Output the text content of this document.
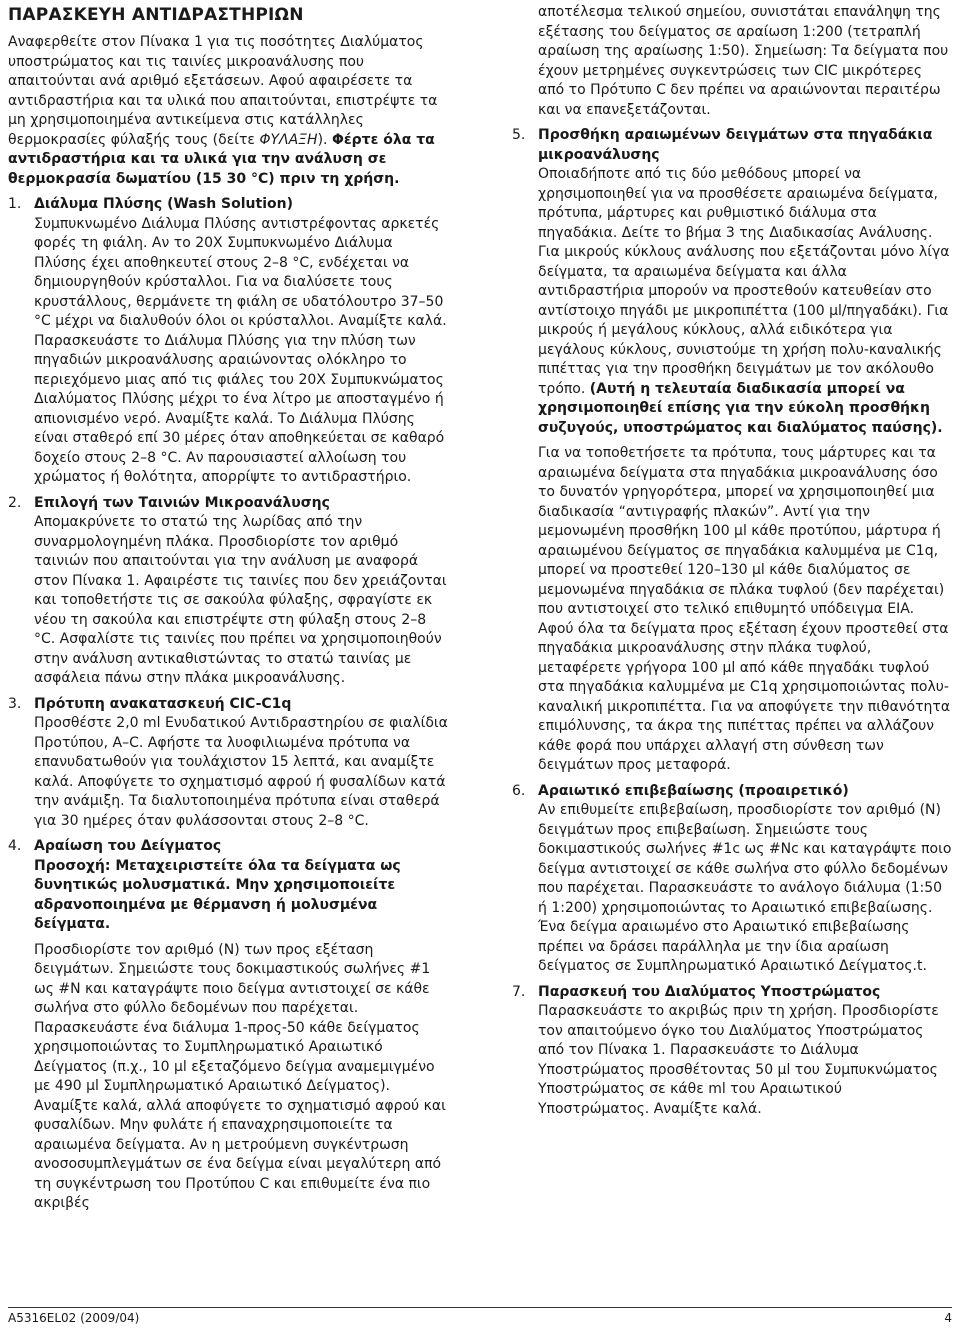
ΠΑΡΑΣΚΕΥΗ ΑΝΤΙΔΡΑΣΤΗΡΙΩΝ

Αναφερθείτε στον Πίνακα 1 για τις ποσότητες Διαλύματος υποστρώματος και τις ταινίες μικροανάλυσης που απαιτούνται ανά αριθμό εξετάσεων. Αφού αφαιρέσετε τα αντιδραστήρια και τα υλικά που απαιτούνται, επιστρέψτε τα μη χρησιμοποιημένα αντικείμενα στις κατάλληλες θερμοκρασίες φύλαξής τους (δείτε ΦΥΛΑΞΗ). Φέρτε όλα τα αντιδραστήρια και τα υλικά για την ανάλυση σε θερμοκρασία δωματίου (15 30 °C) πριν τη χρήση.

1. Διάλυμα Πλύσης (Wash Solution)

Συμπυκνωμένο Διάλυμα Πλύσης αντιστρέφοντας αρκετές φορές τη φιάλη. Αν το 20X Συμπυκνωμένο Διάλυμα Πλύσης έχει αποθηκευτεί στους 2–8 °C, ενδέχεται να δημιουργηθούν κρύσταλλοι. Για να διαλύσετε τους κρυστάλλους, θερμάνετε τη φιάλη σε υδατόλουτρο 37–50 °C μέχρι να διαλυθούν όλοι οι κρύσταλλοι. Αναμίξτε καλά. Παρασκευάστε το Διάλυμα Πλύσης για την πλύση των πηγαδιών μικροανάλυσης αραιώνοντας ολόκληρο το περιεχόμενο μιας από τις φιάλες του 20X Συμπυκνώματος Διαλύματος Πλύσης μέχρι το ένα λίτρο με αποσταγμένο ή απιονισμένο νερό. Αναμίξτε καλά. Το Διάλυμα Πλύσης είναι σταθερό επί 30 μέρες όταν αποθηκεύεται σε καθαρό δοχείο στους 2–8 °C. Αν παρουσιαστεί αλλοίωση του χρώματος ή θολότητα, απορρίψτε το αντιδραστήριο.

2. Επιλογή των Ταινιών Μικροανάλυσης

Απομακρύνετε το στατώ της λωρίδας από την συναρμολογημένη πλάκα. Προσδιορίστε τον αριθμό ταινιών που απαιτούνται για την ανάλυση με αναφορά στον Πίνακα 1. Αφαιρέστε τις ταινίες που δεν χρειάζονται και τοποθετήστε τις σε σακούλα φύλαξης, σφραγίστε εκ νέου τη σακούλα και επιστρέψτε στη φύλαξη στους 2–8 °C. Ασφαλίστε τις ταινίες που πρέπει να χρησιμοποιηθούν στην ανάλυση αντικαθιστώντας το στατώ ταινίας με ασφάλεια πάνω στην πλάκα μικροανάλυσης.

3. Πρότυπη ανακατασκευή CIC-C1q

Προσθέστε 2,0 ml Ενυδατικού Αντιδραστηρίου σε φιαλίδια Προτύπου, A–C. Αφήστε τα λυοφιλιωμένα πρότυπα να επανυδατωθούν για τουλάχιστον 15 λεπτά, και αναμίξτε καλά. Αποφύγετε το σχηματισμό αφρού ή φυσαλίδων κατά την ανάμιξη. Τα διαλυτοποιημένα πρότυπα είναι σταθερά για 30 ημέρες όταν φυλάσσονται στους 2–8 °C.

4. Αραίωση του Δείγματος

Προσοχή: Μεταχειριστείτε όλα τα δείγματα ως δυνητικώς μολυσματικά. Μην χρησιμοποιείτε αδρανοποιημένα με θέρμανση ή μολυσμένα δείγματα.

Προσδιορίστε τον αριθμό (N) των προς εξέταση δειγμάτων. Σημειώστε τους δοκιμαστικούς σωλήνες #1 ως #N και καταγράψτε ποιο δείγμα αντιστοιχεί σε κάθε σωλήνα στο φύλλο δεδομένων που παρέχεται. Παρασκευάστε ένα διάλυμα 1-προς-50 κάθε δείγματος χρησιμοποιώντας το Συμπληρωματικό Αραιωτικό Δείγματος (π.χ., 10 μl εξεταζόμενο δείγμα αναμεμιγμένο με 490 μl Συμπληρωματικό Αραιωτικό Δείγματος). Αναμίξτε καλά, αλλά αποφύγετε το σχηματισμό αφρού και φυσαλίδων. Μην φυλάτε ή επαναχρησιμοποιείτε τα αραιωμένα δείγματα. Αν η μετρούμενη συγκέντρωση ανοσοσυμπλεγμάτων σε ένα δείγμα είναι μεγαλύτερη από τη συγκέντρωση του Προτύπου C και επιθυμείτε ένα πιο ακριβές

αποτέλεσμα τελικού σημείου, συνιστάται επανάληψη της εξέτασης του δείγματος σε αραίωση 1:200 (τετραπλή αραίωση της αραίωσης 1:50). Σημείωση: Τα δείγματα που έχουν μετρημένες συγκεντρώσεις των CIC μικρότερες από το Πρότυπο C δεν πρέπει να αραιώνονται περαιτέρω και να επανεξετάζονται.

5. Προσθήκη αραιωμένων δειγμάτων στα πηγαδάκια μικροανάλυσης

Οποιαδήποτε από τις δύο μεθόδους μπορεί να χρησιμοποιηθεί για να προσθέσετε αραιωμένα δείγματα, πρότυπα, μάρτυρες και ρυθμιστικό διάλυμα στα πηγαδάκια. Δείτε το βήμα 3 της Διαδικασίας Ανάλυσης. Για μικρούς κύκλους ανάλυσης που εξετάζονται μόνο λίγα δείγματα, τα αραιωμένα δείγματα και άλλα αντιδραστήρια μπορούν να προστεθούν κατευθείαν στο αντίστοιχο πηγάδι με μικροπιπέττα (100 μl/πηγαδάκι). Για μικρούς ή μεγάλους κύκλους, αλλά ειδικότερα για μεγάλους κύκλους, συνιστούμε τη χρήση πολυ-καναλικής πιπέττας για την προσθήκη δειγμάτων με τον ακόλουθο τρόπο. (Αυτή η τελευταία διαδικασία μπορεί να χρησιμοποιηθεί επίσης για την εύκολη προσθήκη συζυγούς, υποστρώματος και διαλύματος παύσης).

Για να τοποθετήσετε τα πρότυπα, τους μάρτυρες και τα αραιωμένα δείγματα στα πηγαδάκια μικροανάλυσης όσο το δυνατόν γρηγορότερα, μπορεί να χρησιμοποιηθεί μια διαδικασία “αντιγραφής πλακών”. Αντί για την μεμονωμένη προσθήκη 100 μl κάθε προτύπου, μάρτυρα ή αραιωμένου δείγματος σε πηγαδάκια καλυμμένα με C1q, μπορεί να προστεθεί 120–130 μl κάθε διαλύματος σε μεμονωμένα πηγαδάκια σε πλάκα τυφλού (δεν παρέχεται) που αντιστοιχεί στο τελικό επιθυμητό υπόδειγμα EIA. Αφού όλα τα δείγματα προς εξέταση έχουν προστεθεί στα πηγαδάκια μικροανάλυσης στην πλάκα τυφλού, μεταφέρετε γρήγορα 100 μl από κάθε πηγαδάκι τυφλού στα πηγαδάκια καλυμμένα με C1q χρησιμοποιώντας πολυ-καναλική μικροπιπέττα. Για να αποφύγετε την πιθανότητα επιμόλυνσης, τα άκρα της πιπέττας πρέπει να αλλάζουν κάθε φορά που υπάρχει αλλαγή στη σύνθεση των δειγμάτων προς μεταφορά.

6. Αραιωτικό επιβεβαίωσης (προαιρετικό)

Αν επιθυμείτε επιβεβαίωση, προσδιορίστε τον αριθμό (N) δειγμάτων προς επιβεβαίωση. Σημειώστε τους δοκιμαστικούς σωλήνες #1c ως #Nc και καταγράψτε ποιο δείγμα αντιστοιχεί σε κάθε σωλήνα στο φύλλο δεδομένων που παρέχεται. Παρασκευάστε το ανάλογο διάλυμα (1:50 ή 1:200) χρησιμοποιώντας το Αραιωτικό επιβεβαίωσης. Ένα δείγμα αραιωμένο στο Αραιωτικό επιβεβαίωσης πρέπει να δράσει παράλληλα με την ίδια αραίωση δείγματος σε Συμπληρωματικό Αραιωτικό Δείγματος.t.

7. Παρασκευή του Διαλύματος Υποστρώματος

Παρασκευάστε το ακριβώς πριν τη χρήση. Προσδιορίστε τον απαιτούμενο όγκο του Διαλύματος Υποστρώματος από τον Πίνακα 1. Παρασκευάστε το Διάλυμα Υποστρώματος προσθέτοντας 50 μl του Συμπυκνώματος Υποστρώματος σε κάθε ml του Αραιωτικού Υποστρώματος. Αναμίξτε καλά.

A5316EL02 (2009/04)	4
